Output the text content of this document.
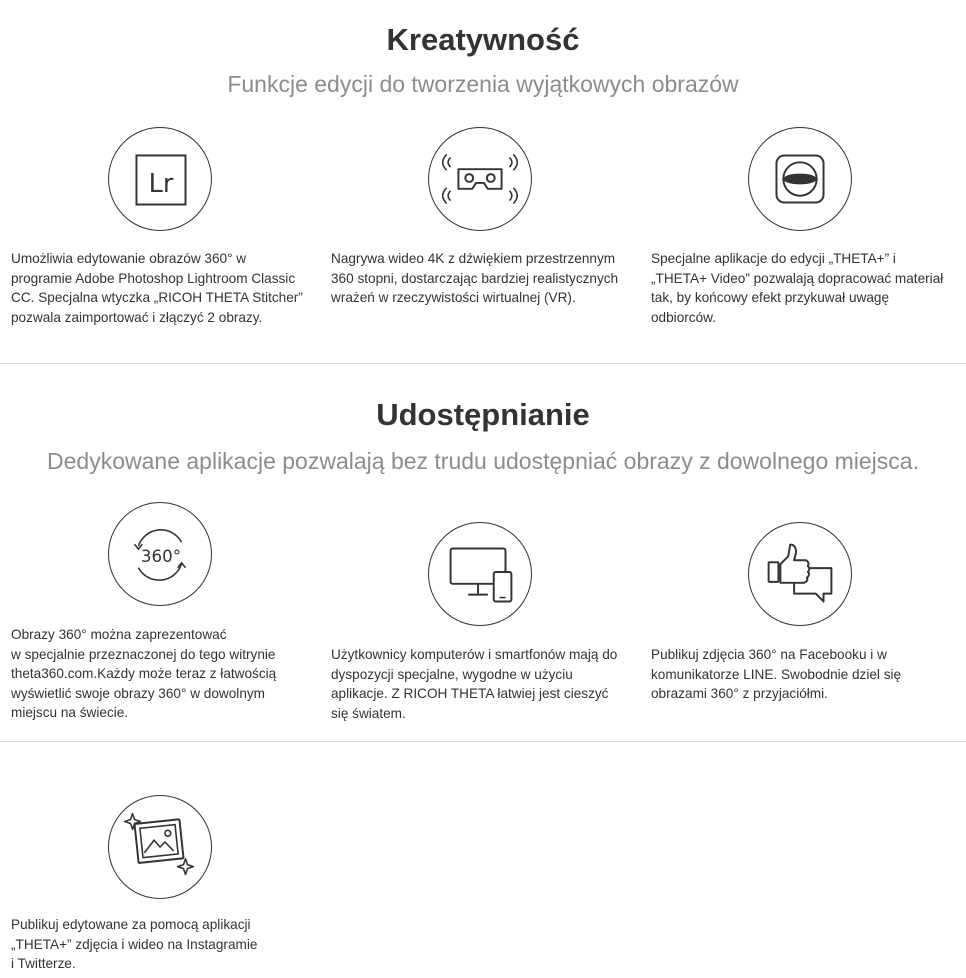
Kreatywność

Funkcje edycji do tworzenia wyjątkowych obrazów

Lr

Umożliwia edytowanie obrazów 360° w
programie Adobe Photoshop Lightroom Classic
CC. Specjalna wtyczka „RICOH THETA Stitcher”
pozwala zaimportować i złączyć 2 obrazy.

Nagrywa wideo 4K z dźwiękiem przestrzennym
360 stopni, dostarczając bardziej realistycznych
wrażeń w rzeczywistości wirtualnej (VR).

Specjalne aplikacje do edycji „THETA+” i
„THETA+ Video” pozwalają dopracować materiał
tak, by końcowy efekt przykuwał uwagę
odbiorców.

Udostępnianie

Dedykowane aplikacje pozwalają bez trudu udostępniać obrazy z dowolnego miejsca.

360°

Obrazy 360° można zaprezentować
w specjalnie przeznaczonej do tego witrynie
theta360.com.Każdy może teraz z łatwością
wyświetlić swoje obrazy 360° w dowolnym
miejscu na świecie.

Użytkownicy komputerów i smartfonów mają do
dyspozycji specjalne, wygodne w użyciu
aplikacje. Z RICOH THETA łatwiej jest cieszyć
się światem.

Publikuj zdjęcia 360° na Facebooku i w
komunikatorze LINE. Swobodnie dziel się
obrazami 360° z przyjaciółmi.

Publikuj edytowane za pomocą aplikacji
„THETA+” zdjęcia i wideo na Instagramie
i Twitterze.
